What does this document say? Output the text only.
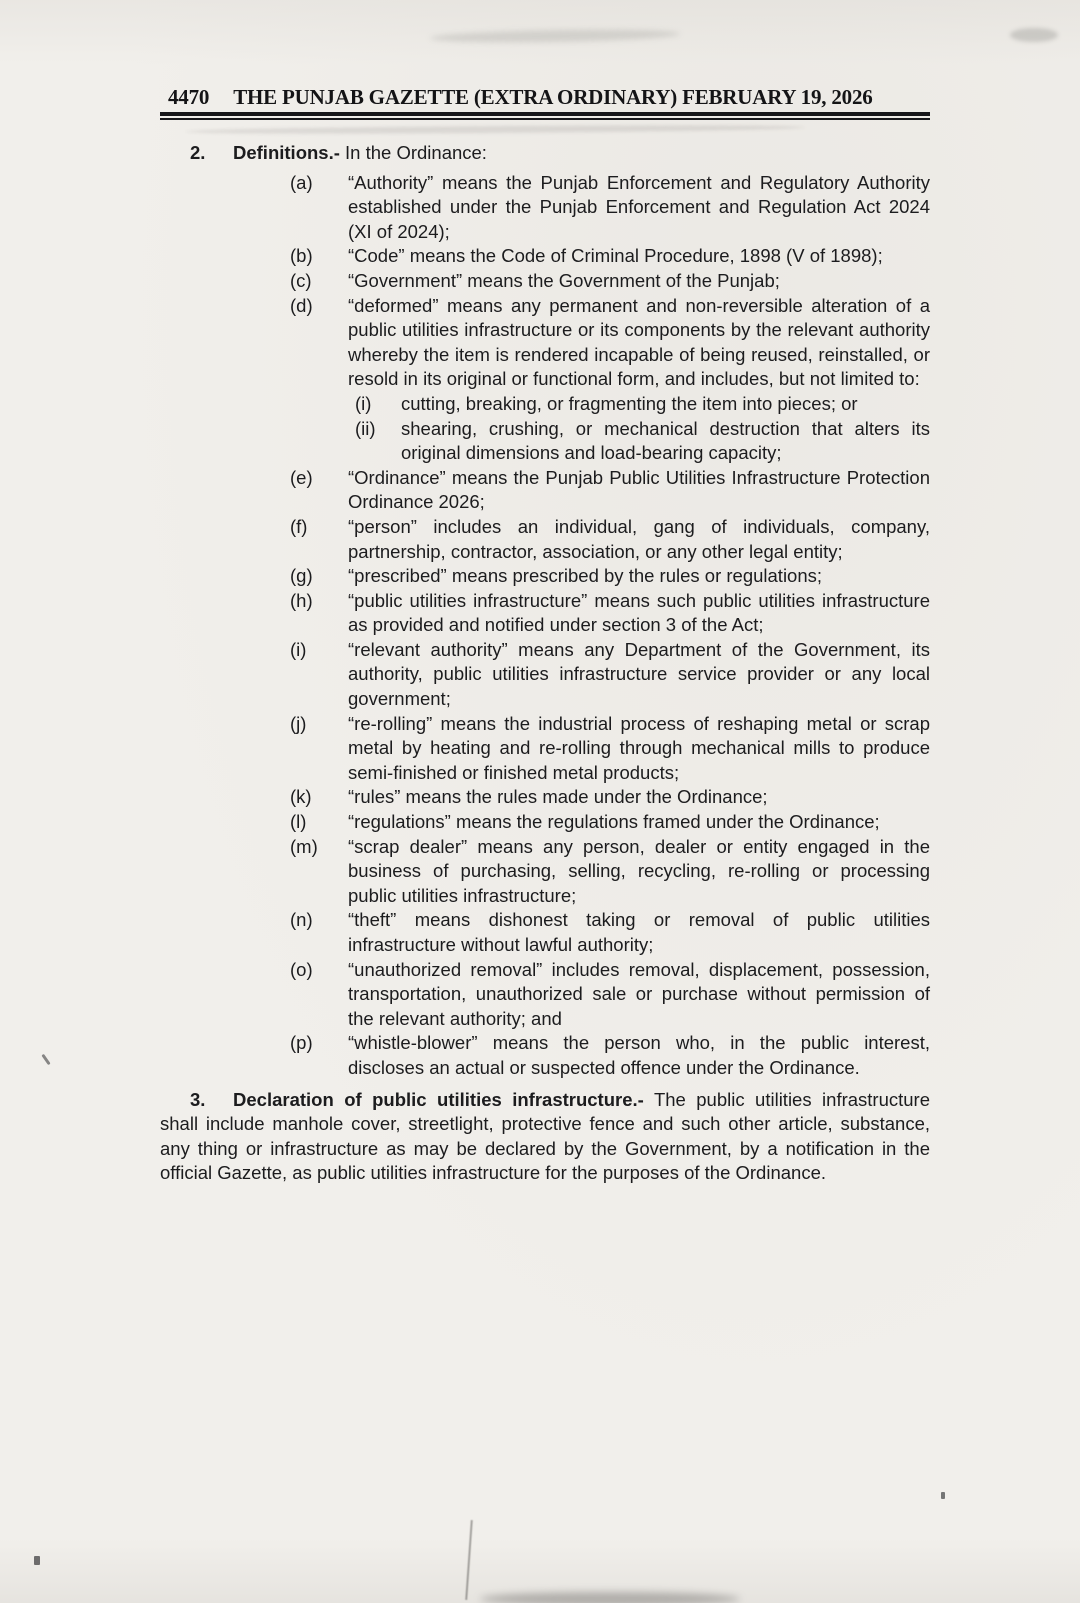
4470 THE PUNJAB GAZETTE (EXTRA ORDINARY) FEBRUARY 19, 2026

2. Definitions.- In the Ordinance:

(a)	“Authority” means the Punjab Enforcement and Regulatory Authority established under the Punjab Enforcement and Regulation Act 2024 (XI of 2024);
(b)	“Code” means the Code of Criminal Procedure, 1898 (V of 1898);
(c)	“Government” means the Government of the Punjab;
(d)	“deformed” means any permanent and non-reversible alteration of a public utilities infrastructure or its components by the relevant authority whereby the item is rendered incapable of being reused, reinstalled, or resold in its original or functional form, and includes, but not limited to:
(i)	cutting, breaking, or fragmenting the item into pieces; or
(ii)	shearing, crushing, or mechanical destruction that alters its original dimensions and load-bearing capacity;
(e)	“Ordinance” means the Punjab Public Utilities Infrastructure Protection Ordinance 2026;
(f)	“person” includes an individual, gang of individuals, company, partnership, contractor, association, or any other legal entity;
(g)	“prescribed” means prescribed by the rules or regulations;
(h)	“public utilities infrastructure” means such public utilities infrastructure as provided and notified under section 3 of the Act;
(i)	“relevant authority” means any Department of the Government, its authority, public utilities infrastructure service provider or any local government;
(j)	“re-rolling” means the industrial process of reshaping metal or scrap metal by heating and re-rolling through mechanical mills to produce semi-finished or finished metal products;
(k)	“rules” means the rules made under the Ordinance;
(l)	“regulations” means the regulations framed under the Ordinance;
(m)	“scrap dealer” means any person, dealer or entity engaged in the business of purchasing, selling, recycling, re-rolling or processing public utilities infrastructure;
(n)	“theft” means dishonest taking or removal of public utilities infrastructure without lawful authority;
(o)	“unauthorized removal” includes removal, displacement, possession, transportation, unauthorized sale or purchase without permission of the relevant authority; and
(p)	“whistle-blower” means the person who, in the public interest, discloses an actual or suspected offence under the Ordinance.

3. Declaration of public utilities infrastructure.- The public utilities infrastructure shall include manhole cover, streetlight, protective fence and such other article, substance, any thing or infrastructure as may be declared by the Government, by a notification in the official Gazette, as public utilities infrastructure for the purposes of the Ordinance.
